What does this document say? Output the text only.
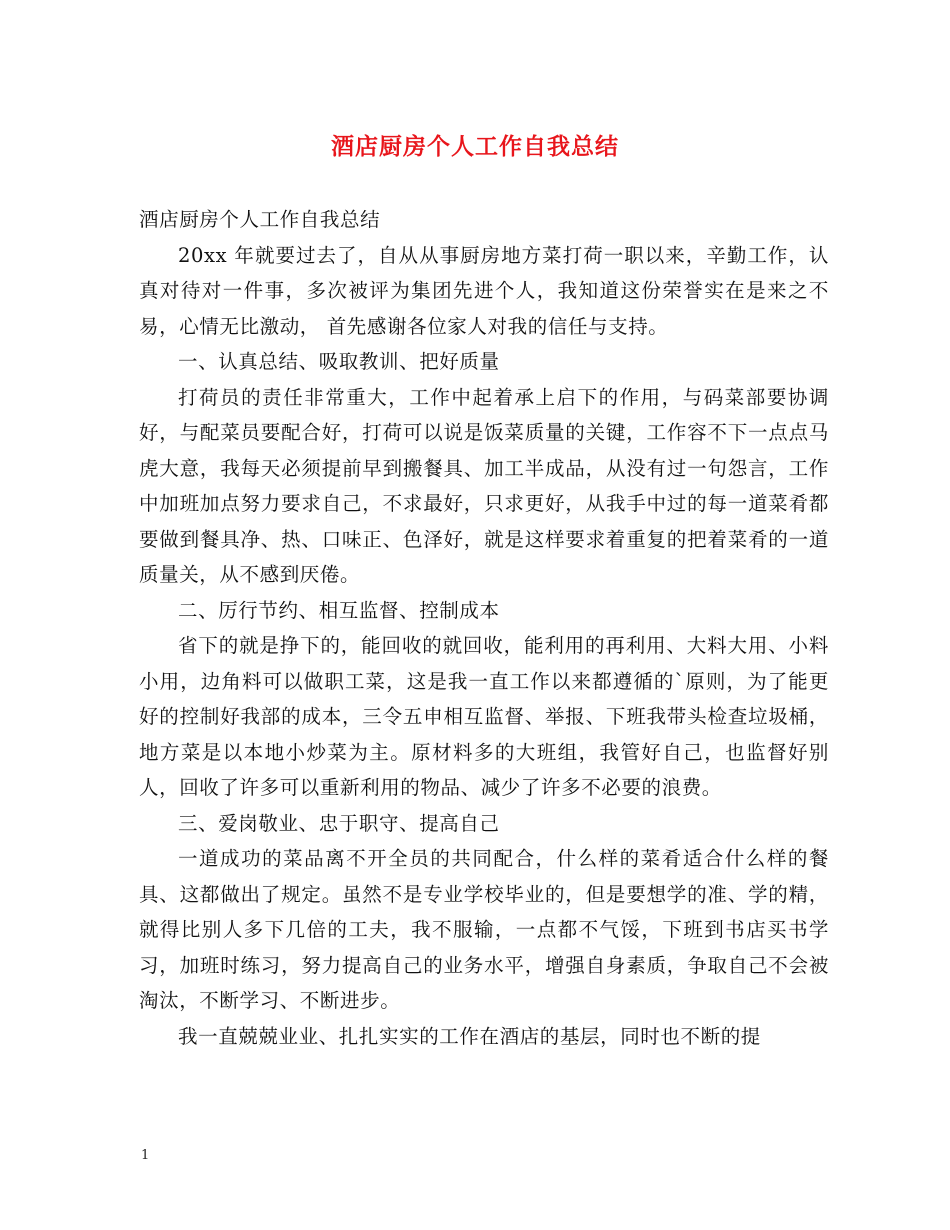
酒店厨房个人工作自我总结

酒店厨房个人工作自我总结

20xx 年就要过去了，自从从事厨房地方菜打荷一职以来，辛勤工作，认真对待对一件事，多次被评为集团先进个人，我知道这份荣誉实在是来之不易，心情无比激动， 首先感谢各位家人对我的信任与支持。

一、认真总结、吸取教训、把好质量

打荷员的责任非常重大，工作中起着承上启下的作用，与码菜部要协调好，与配菜员要配合好，打荷可以说是饭菜质量的关键，工作容不下一点点马虎大意，我每天必须提前早到搬餐具、加工半成品，从没有过一句怨言，工作中加班加点努力要求自己，不求最好，只求更好，从我手中过的每一道菜肴都要做到餐具净、热、口味正、色泽好，就是这样要求着重复的把着菜肴的一道质量关，从不感到厌倦。

二、厉行节约、相互监督、控制成本

省下的就是挣下的，能回收的就回收，能利用的再利用、大料大用、小料小用，边角料可以做职工菜，这是我一直工作以来都遵循的`原则，为了能更好的控制好我部的成本，三令五申相互监督、举报、下班我带头检查垃圾桶，地方菜是以本地小炒菜为主。原材料多的大班组，我管好自己，也监督好别人，回收了许多可以重新利用的物品、减少了许多不必要的浪费。

三、爱岗敬业、忠于职守、提高自己

一道成功的菜品离不开全员的共同配合，什么样的菜肴适合什么样的餐具、这都做出了规定。虽然不是专业学校毕业的，但是要想学的准、学的精，就得比别人多下几倍的工夫，我不服输，一点都不气馁，下班到书店买书学习，加班时练习，努力提高自己的业务水平，增强自身素质，争取自己不会被淘汰，不断学习、不断进步。

我一直兢兢业业、扎扎实实的工作在酒店的基层，同时也不断的提

1
